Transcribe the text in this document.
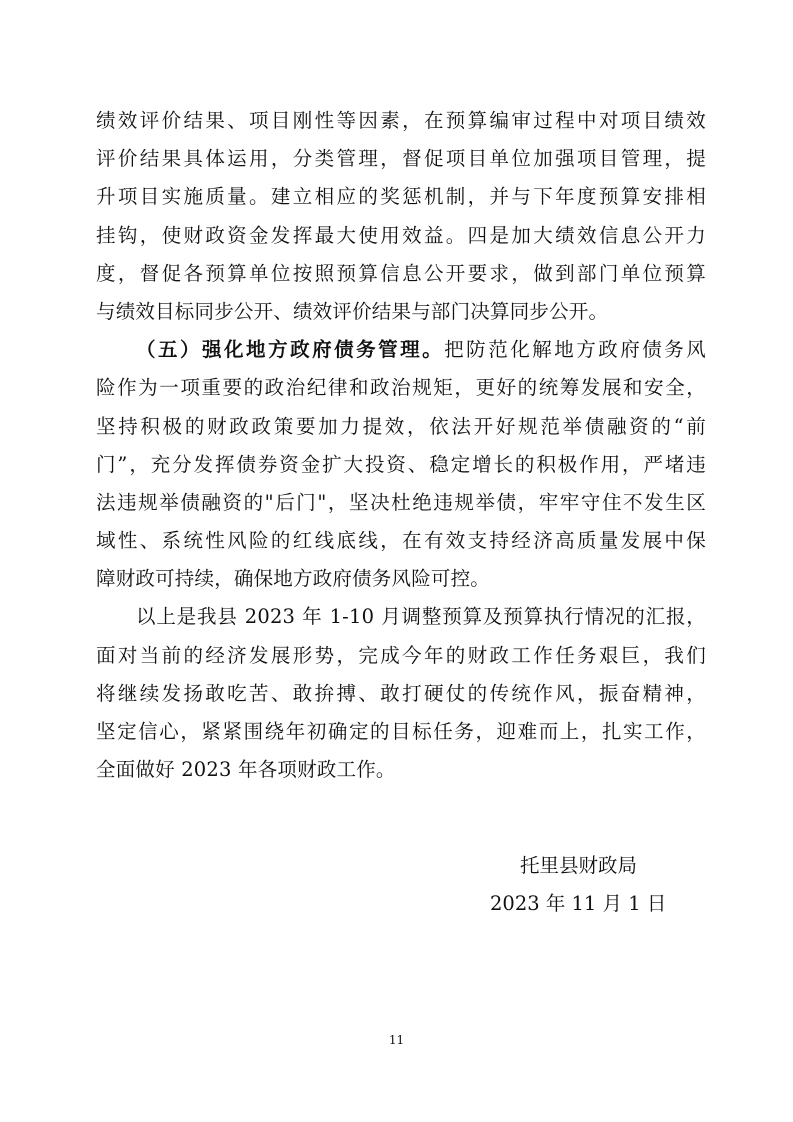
绩效评价结果、项目刚性等因素，在预算编审过程中对项目绩效
评价结果具体运用，分类管理，督促项目单位加强项目管理，提
升项目实施质量。建立相应的奖惩机制，并与下年度预算安排相
挂钩，使财政资金发挥最大使用效益。四是加大绩效信息公开力
度，督促各预算单位按照预算信息公开要求，做到部门单位预算
与绩效目标同步公开、绩效评价结果与部门决算同步公开。
（五）强化地方政府债务管理。把防范化解地方政府债务风
险作为一项重要的政治纪律和政治规矩，更好的统筹发展和安全，
坚持积极的财政政策要加力提效，依法开好规范举债融资的“前
门”，充分发挥债券资金扩大投资、稳定增长的积极作用，严堵违
法违规举债融资的"后门"，坚决杜绝违规举债，牢牢守住不发生区
域性、系统性风险的红线底线，在有效支持经济高质量发展中保
障财政可持续，确保地方政府债务风险可控。
以上是我县 2023 年 1-10 月调整预算及预算执行情况的汇报，
面对当前的经济发展形势，完成今年的财政工作任务艰巨，我们
将继续发扬敢吃苦、敢拚搏、敢打硬仗的传统作风，振奋精神，
坚定信心，紧紧围绕年初确定的目标任务，迎难而上，扎实工作，
全面做好 2023 年各项财政工作。
托里县财政局
2023 年 11 月 1 日
11
